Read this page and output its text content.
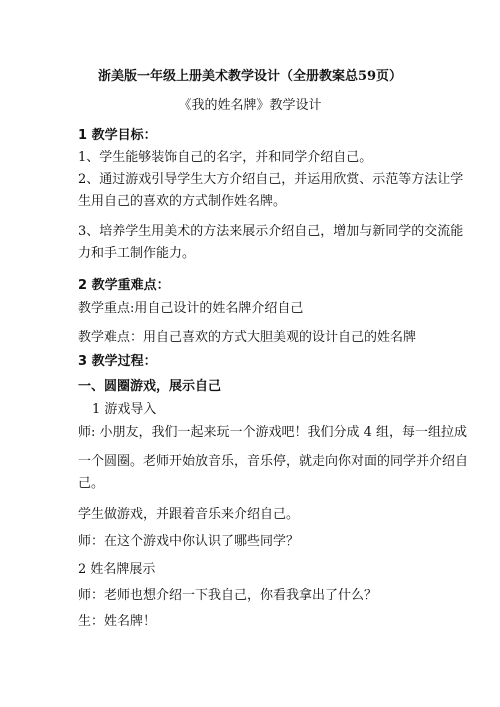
浙美版一年级上册美术教学设计（全册教案总59页）
《我的姓名牌》教学设计
1 教学目标：
1、学生能够装饰自己的名字，并和同学介绍自己。
2、通过游戏引导学生大方介绍自己，并运用欣赏、示范等方法让学
生用自己的喜欢的方式制作姓名牌。
3、培养学生用美术的方法来展示介绍自己，增加与新同学的交流能
力和手工制作能力。
2 教学重难点：
教学重点:用自己设计的姓名牌介绍自己
教学难点：用自己喜欢的方式大胆美观的设计自己的姓名牌
3 教学过程：
一、圆圈游戏，展示自己
1 游戏导入
师: 小朋友，我们一起来玩一个游戏吧！我们分成 4 组，每一组拉成
一个圆圈。老师开始放音乐，音乐停，就走向你对面的同学并介绍自
己。
学生做游戏，并跟着音乐来介绍自己。
师：在这个游戏中你认识了哪些同学？
2 姓名牌展示
师：老师也想介绍一下我自己，你看我拿出了什么？
生：姓名牌！
